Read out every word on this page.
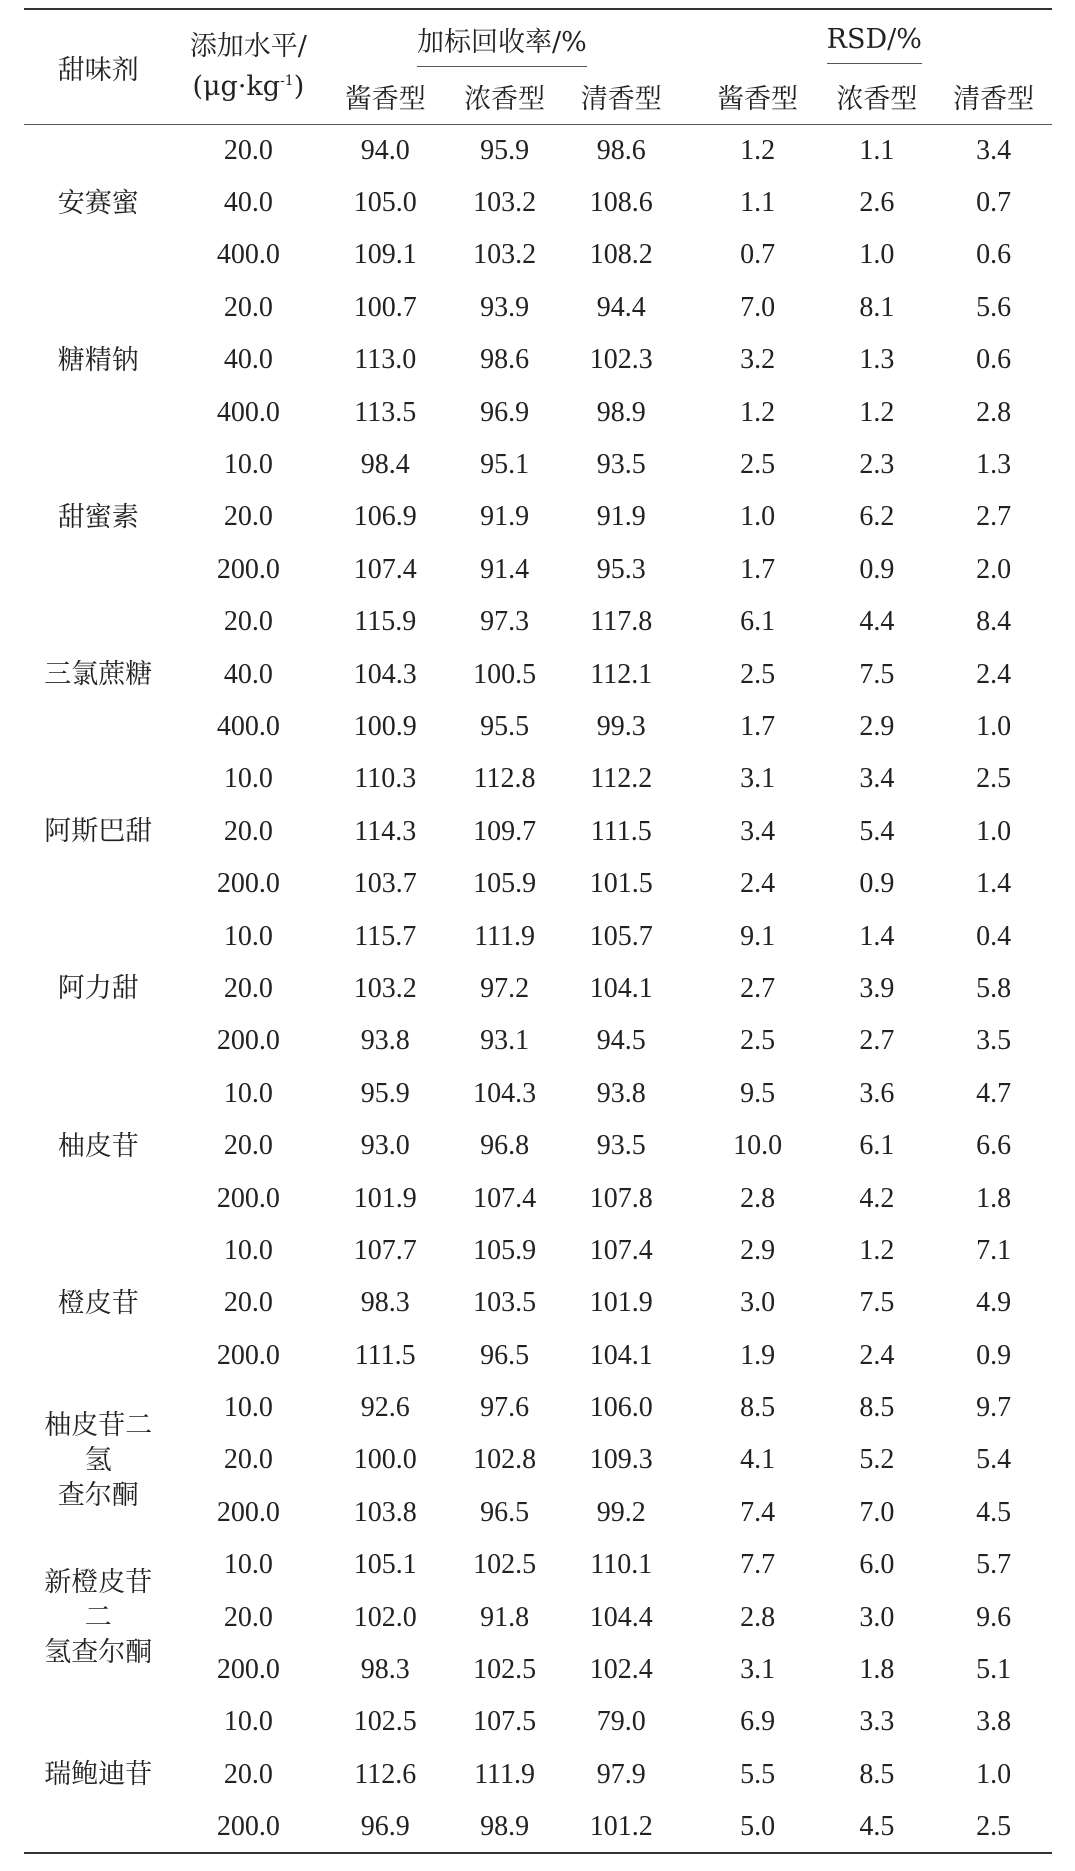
甜味剂	添加水平/
$(\mu g\cdot kg^{-1})$	加标回收率/%				RSD/%		
		酱香型	浓香型	清香型		酱香型	浓香型	清香型
安赛蜜	20.0	94.0	95.9	98.6		1.2	1.1	3.4
	40.0	105.0	103.2	108.6		1.1	2.6	0.7
	400.0	109.1	103.2	108.2		0.7	1.0	0.6
糖精钠	20.0	100.7	93.9	94.4		7.0	8.1	5.6
	40.0	113.0	98.6	102.3		3.2	1.3	0.6
	400.0	113.5	96.9	98.9		1.2	1.2	2.8
甜蜜素	10.0	98.4	95.1	93.5		2.5	2.3	1.3
	20.0	106.9	91.9	91.9		1.0	6.2	2.7
	200.0	107.4	91.4	95.3		1.7	0.9	2.0
三氯蔗糖	20.0	115.9	97.3	117.8		6.1	4.4	8.4
	40.0	104.3	100.5	112.1		2.5	7.5	2.4
	400.0	100.9	95.5	99.3		1.7	2.9	1.0
阿斯巴甜	10.0	110.3	112.8	112.2		3.1	3.4	2.5
	20.0	114.3	109.7	111.5		3.4	5.4	1.0
	200.0	103.7	105.9	101.5		2.4	0.9	1.4
阿力甜	10.0	115.7	111.9	105.7		9.1	1.4	0.4
	20.0	103.2	97.2	104.1		2.7	3.9	5.8
	200.0	93.8	93.1	94.5		2.5	2.7	3.5
柚皮苷	10.0	95.9	104.3	93.8		9.5	3.6	4.7
	20.0	93.0	96.8	93.5		10.0	6.1	6.6
	200.0	101.9	107.4	107.8		2.8	4.2	1.8
橙皮苷	10.0	107.7	105.9	107.4		2.9	1.2	7.1
	20.0	98.3	103.5	101.9		3.0	7.5	4.9
	200.0	111.5	96.5	104.1		1.9	2.4	0.9

柚皮苷二氢
查尔酮	10.0	92.6	97.6	106.0		8.5	8.5	9.7
	20.0	100.0	102.8	109.3		4.1	5.2	5.4
	200.0	103.8	96.5	99.2		7.4	7.0	4.5

新橙皮苷二
氢查尔酮	10.0	105.1	102.5	110.1		7.7	6.0	5.7
	20.0	102.0	91.8	104.4		2.8	3.0	9.6
	200.0	98.3	102.5	102.4		3.1	1.8	5.1
瑞鲍迪苷	10.0	102.5	107.5	79.0		6.9	3.3	3.8
	20.0	112.6	111.9	97.9		5.5	8.5	1.0
	200.0	96.9	98.9	101.2		5.0	4.5	2.5
